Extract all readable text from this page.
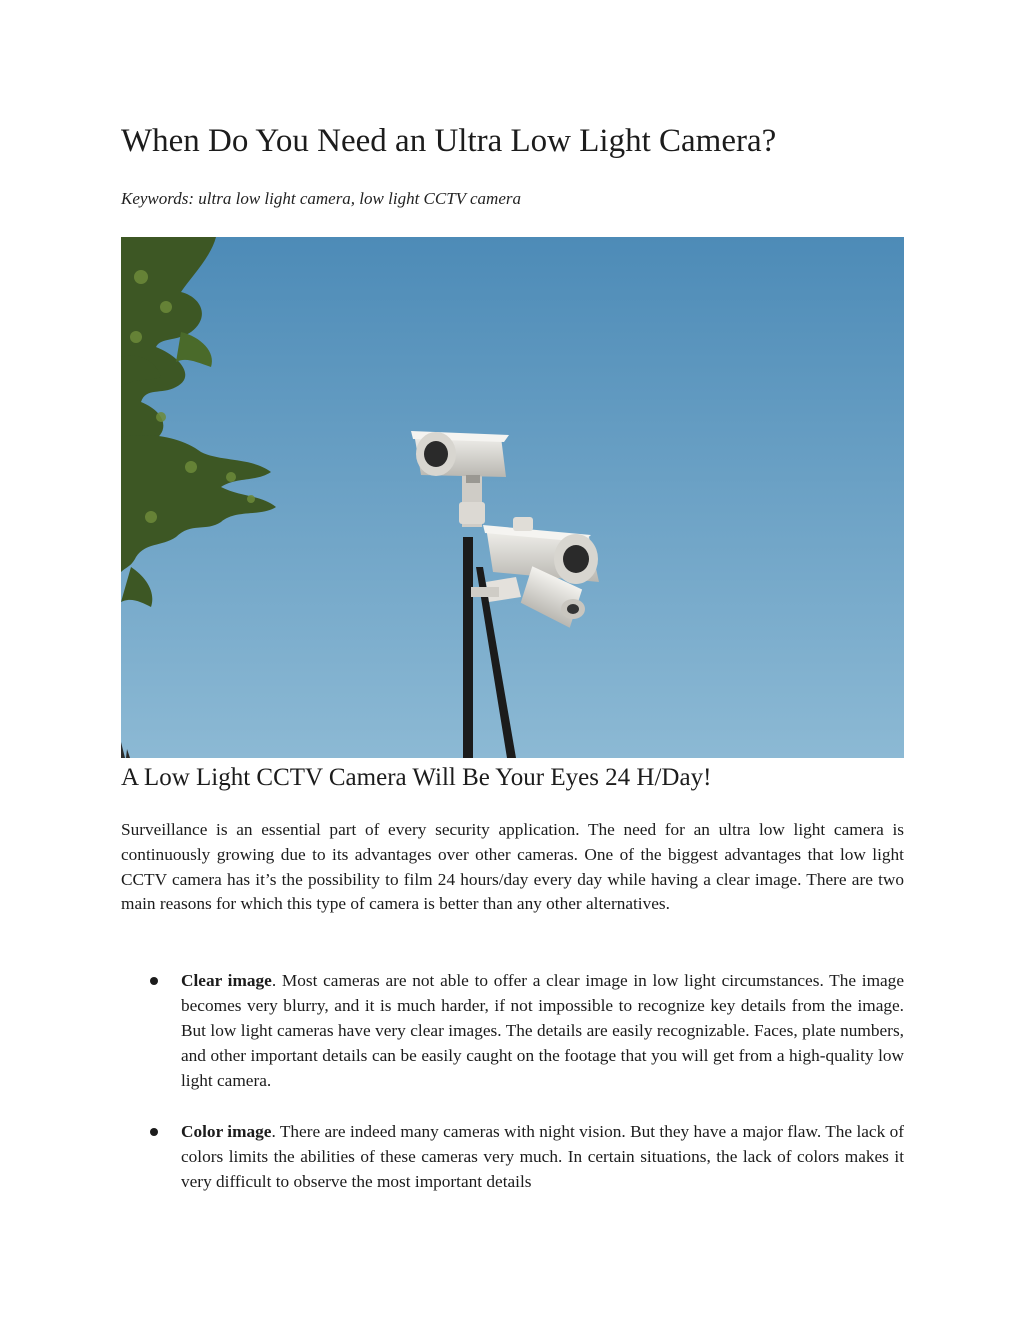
When Do You Need an Ultra Low Light Camera?

Keywords: ultra low light camera, low light CCTV camera

A Low Light CCTV Camera Will Be Your Eyes 24 H/Day!

Surveillance is an essential part of every security application. The need for an ultra low light camera is continuously growing due to its advantages over other cameras. One of the biggest advantages that low light CCTV camera has it’s the possibility to film 24 hours/day every day while having a clear image. There are two main reasons for which this type of camera is better than any other alternatives.

Clear image. Most cameras are not able to offer a clear image in low light circumstances. The image becomes very blurry, and it is much harder, if not impossible to recognize key details from the image. But low light cameras have very clear images. The details are easily recognizable. Faces, plate numbers, and other important details can be easily caught on the footage that you will get from a high-quality low light camera.
Color image. There are indeed many cameras with night vision. But they have a major flaw. The lack of colors limits the abilities of these cameras very much. In certain situations, the lack of colors makes it very difficult to observe the most important details
